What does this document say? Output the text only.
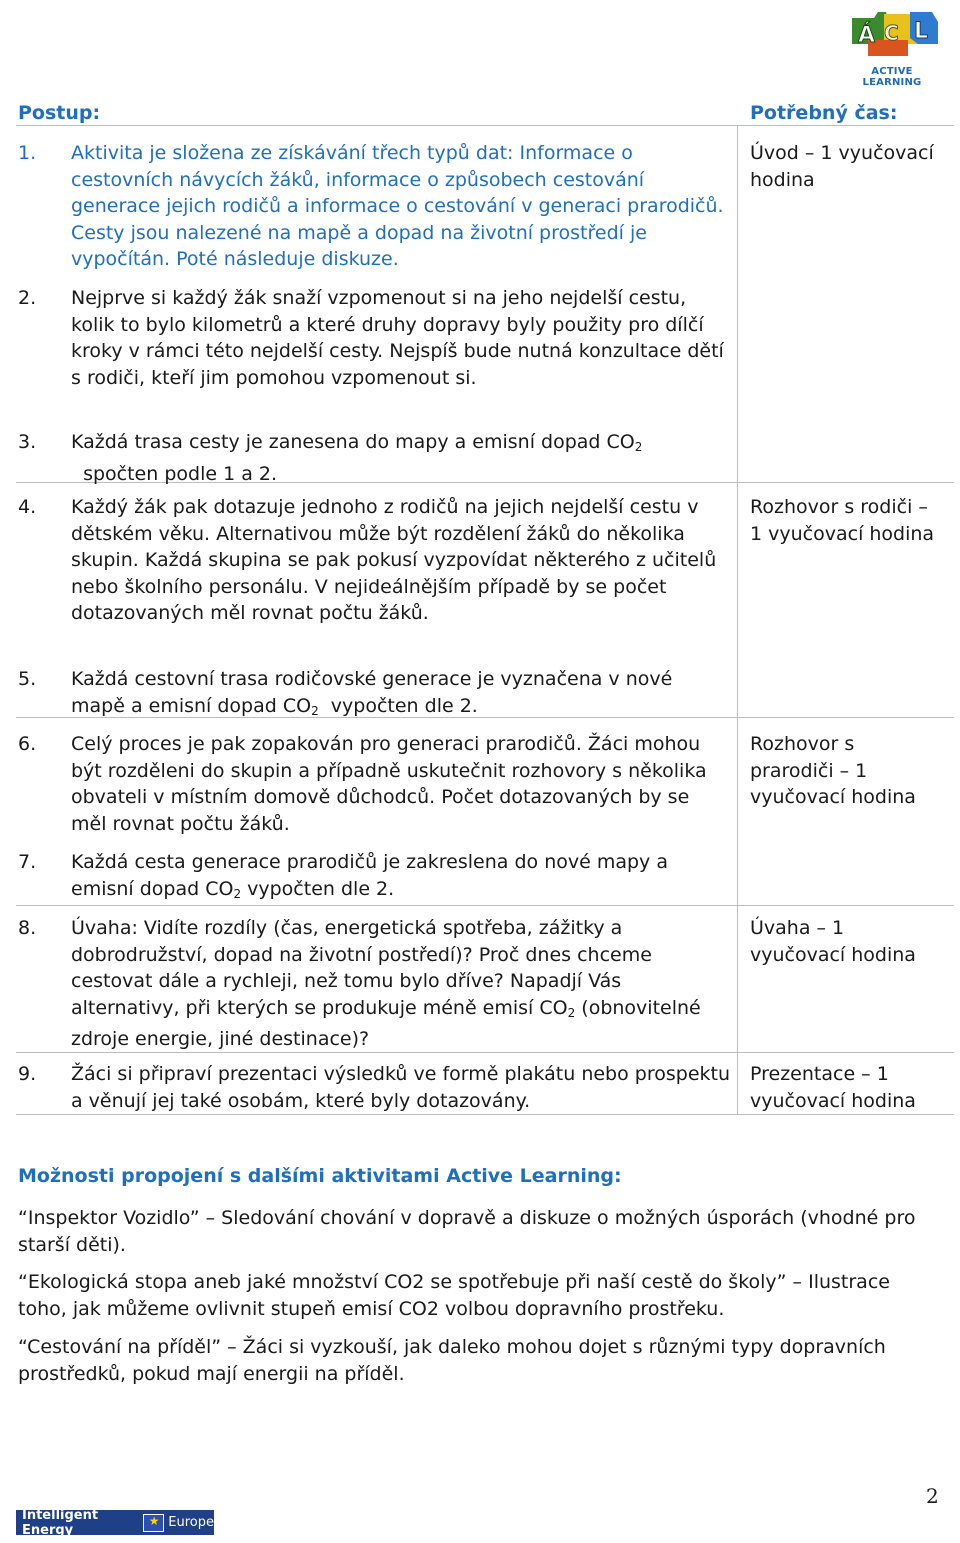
Á C L
ACTIVE LEARNING
Postup:	Potřebný čas:
1.	Aktivita je složena ze získávání třech typů dat: Informace o cestovních návycích žáků, informace o způsobech cestování generace jejich rodičů a informace o cestování v generaci prarodičů. Cesty jsou nalezené na mapě a dopad na životní prostředí je vypočítán. Poté následuje diskuze.
2.	Nejprve si každý žák snaží vzpomenout si na jeho nejdelší cestu, kolik to bylo kilometrů a které druhy dopravy byly použity pro dílčí kroky v rámci této nejdelší cesty. Nejspíš bude nutná konzultace dětí s rodiči, kteří jim pomohou vzpomenout si.
3.	Každá trasa cesty je zanesena do mapy a emisní dopad $CO_2$  spočten podle 1 a 2.
4.	Každý žák pak dotazuje jednoho z rodičů na jejich nejdelší cestu v dětském věku. Alternativou může být rozdělení žáků do několika skupin. Každá skupina se pak pokusí vyzpovídat některého z učitelů nebo školního personálu. V nejideálnějším případě by se počet dotazovaných měl rovnat počtu žáků.
5.	Každá cestovní trasa rodičovské generace je vyznačena v nové mapě a emisní dopad $CO_2$  vypočten dle 2.
6.	Celý proces je pak zopakován pro generaci prarodičů. Žáci mohou být rozděleni do skupin a případně uskutečnit rozhovory s několika obvateli v místním domově důchodců. Počet dotazovaných by se měl rovnat počtu žáků.
7.	Každá cesta generace prarodičů je zakreslena do nové mapy a emisní dopad $CO_2$ vypočten dle 2.
8.	Úvaha: Vidíte rozdíly (čas, energetická spotřeba, zážitky a dobrodružství, dopad na životní postředí)? Proč dnes chceme cestovat dále a rychleji, než tomu bylo dříve? Napadjí Vás alternativy, při kterých se produkuje méně emisí $CO_2$ (obnovitelné zdroje energie, jiné destinace)?
9.	Žáci si připraví prezentaci výsledků ve formě plakátu nebo prospektu a věnují jej také osobám, které byly dotazovány.
Úvod – 1 vyučovací hodina
Rozhovor s rodiči – 1 vyučovací hodina
Rozhovor s prarodiči – 1 vyučovací hodina
Úvaha – 1 vyučovací hodina
Prezentace – 1 vyučovací hodina
Možnosti propojení s dalšími aktivitami Active Learning:
“Inspektor Vozidlo” – Sledování chování v dopravě a diskuze o možných úsporách (vhodné pro starší děti).
“Ekologická stopa aneb jaké množství CO2 se spotřebuje při naší cestě do školy” – Ilustrace toho, jak můžeme ovlivnit stupeň emisí CO2 volbou dopravního prostřeku.
“Cestování na příděl” – Žáci si vyzkouší, jak daleko mohou dojet s různými typy dopravních prostředků, pokud mají energii na příděl.
2
Intelligent Energy
★	Europe
